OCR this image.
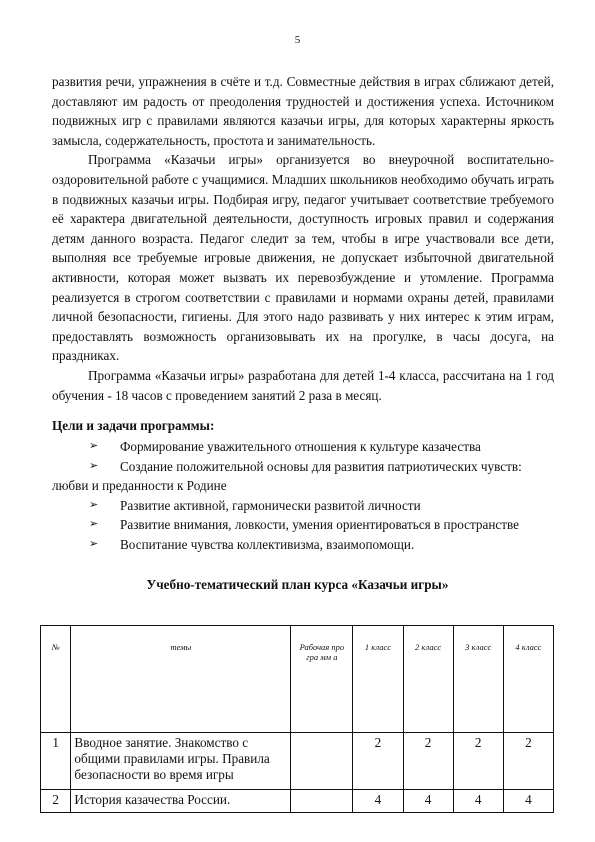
5

развития речи, упражнения в счёте и т.д. Совместные действия в играх сближают детей, доставляют им радость от преодоления трудностей и достижения успеха. Источником подвижных игр с правилами являются казачьи игры, для которых характерны яркость замысла, содержательность, простота и занимательность.

Программа «Казачьи игры» организуется во внеурочной воспитательно-оздоровительной работе с учащимися. Младших школьников необходимо обучать играть в подвижных казачьи игры. Подбирая игру, педагог учитывает соответствие требуемого её характера двигательной деятельности, доступность игровых правил и содержания детям данного возраста. Педагог следит за тем, чтобы в игре участвовали все дети, выполняя все требуемые игровые движения, не допускает избыточной двигательной активности, которая может вызвать их перевозбуждение и утомление. Программа реализуется в строгом соответствии с правилами и нормами охраны детей, правилами личной безопасности, гигиены. Для этого надо развивать у них интерес к этим играм, предоставлять возможность организовывать их на прогулке, в часы досуга, на праздниках.

Программа «Казачьи игры» разработана для детей 1-4 класса, рассчитана на 1 год обучения - 18 часов с проведением занятий 2 раза в месяц.

Цели и задачи программы:
➢ Формирование уважительного отношения к культуре казачества
➢ Создание положительной основы для развития патриотических чувств:
любви и преданности к Родине
➢ Развитие активной, гармонически развитой личности
➢ Развитие внимания, ловкости, умения ориентироваться в пространстве
➢ Воспитание чувства коллективизма, взаимопомощи.
Учебно-тематический план курса «Казачьи игры»
№	темы	Рабочая про гра мм а	1 класс	2 класс	3 класс	4 класс
1	Вводное занятие. Знакомство с общими правилами игры. Правила безопасности во время игры		2	2	2	2
2	История казачества России.		4	4	4	4
